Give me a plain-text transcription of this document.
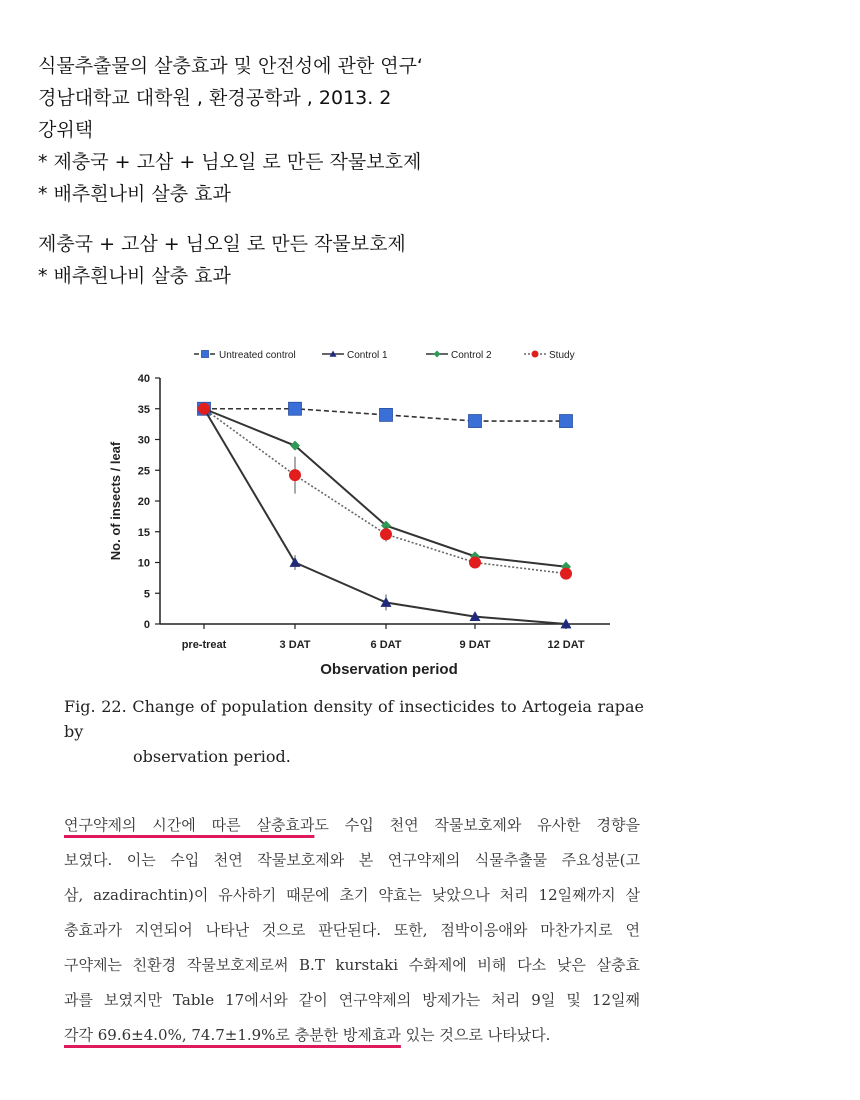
식물추출물의 살충효과 및 안전성에 관한 연구‘
경남대학교 대학원 , 환경공학과 , 2013. 2
강위택
* 제충국 + 고삼 + 님오일 로 만든 작물보호제
* 배추흰나비 살충 효과
제충국 + 고삼 + 님오일 로 만든 작물보호제
* 배추흰나비 살충 효과
Untreated control	Control 1	Control 2	Study
0
5
10
15
20
25
30
35
40
pre-treat	3 DAT	6 DAT	9 DAT	12 DAT
No. of insects / leaf
Observation period
Fig. 22. Change of population density of insecticides to Artogeia rapae by
observation period.
연구약제의 시간에 따른 살충효과도 수입 천연 작물보호제와 유사한 경향을
보였다. 이는 수입 천연 작물보호제와 본 연구약제의 식물추출물 주요성분(고
삼, azadirachtin)이 유사하기 때문에 초기 약효는 낮았으나 처리 12일째까지 살
충효과가 지연되어 나타난 것으로 판단된다. 또한, 점박이응애와 마찬가지로 연
구약제는 친환경 작물보호제로써 B.T kurstaki 수화제에 비해 다소 낮은 살충효
과를 보였지만 Table 17에서와 같이 연구약제의 방제가는 처리 9일 및 12일째
각각 69.6±4.0%, 74.7±1.9%로 충분한 방제효과 있는 것으로 나타났다.
